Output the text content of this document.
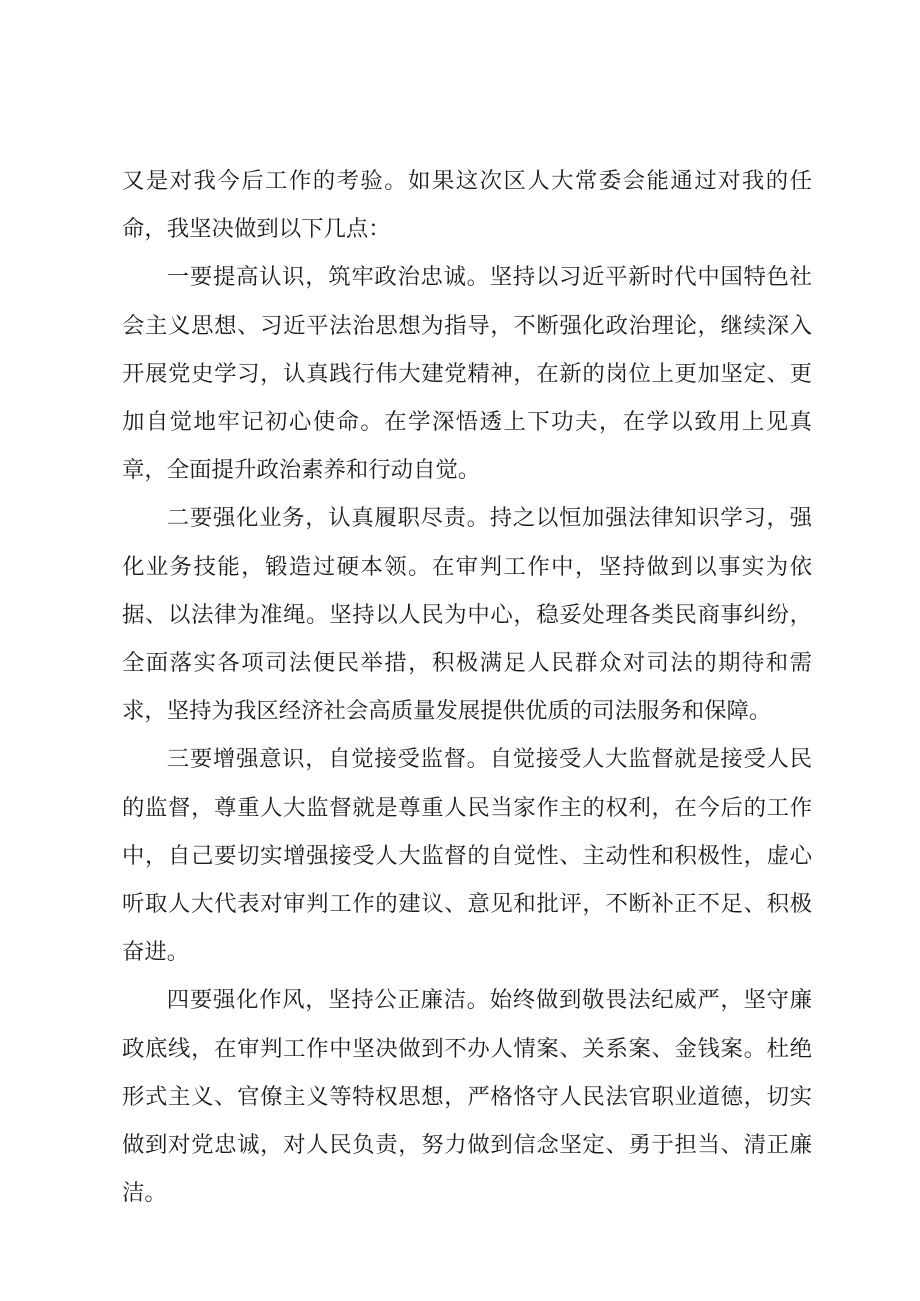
又是对我今后工作的考验。如果这次区人大常委会能通过对我的任命，我坚决做到以下几点：

一要提高认识，筑牢政治忠诚。坚持以习近平新时代中国特色社会主义思想、习近平法治思想为指导，不断强化政治理论，继续深入开展党史学习，认真践行伟大建党精神，在新的岗位上更加坚定、更加自觉地牢记初心使命。在学深悟透上下功夫，在学以致用上见真章，全面提升政治素养和行动自觉。

二要强化业务，认真履职尽责。持之以恒加强法律知识学习，强化业务技能，锻造过硬本领。在审判工作中，坚持做到以事实为依据、以法律为准绳。坚持以人民为中心，稳妥处理各类民商事纠纷，全面落实各项司法便民举措，积极满足人民群众对司法的期待和需求，坚持为我区经济社会高质量发展提供优质的司法服务和保障。

三要增强意识，自觉接受监督。自觉接受人大监督就是接受人民的监督，尊重人大监督就是尊重人民当家作主的权利，在今后的工作中，自己要切实增强接受人大监督的自觉性、主动性和积极性，虚心听取人大代表对审判工作的建议、意见和批评，不断补正不足、积极奋进。

四要强化作风，坚持公正廉洁。始终做到敬畏法纪威严，坚守廉政底线，在审判工作中坚决做到不办人情案、关系案、金钱案。杜绝形式主义、官僚主义等特权思想，严格恪守人民法官职业道德，切实做到对党忠诚，对人民负责，努力做到信念坚定、勇于担当、清正廉洁。
